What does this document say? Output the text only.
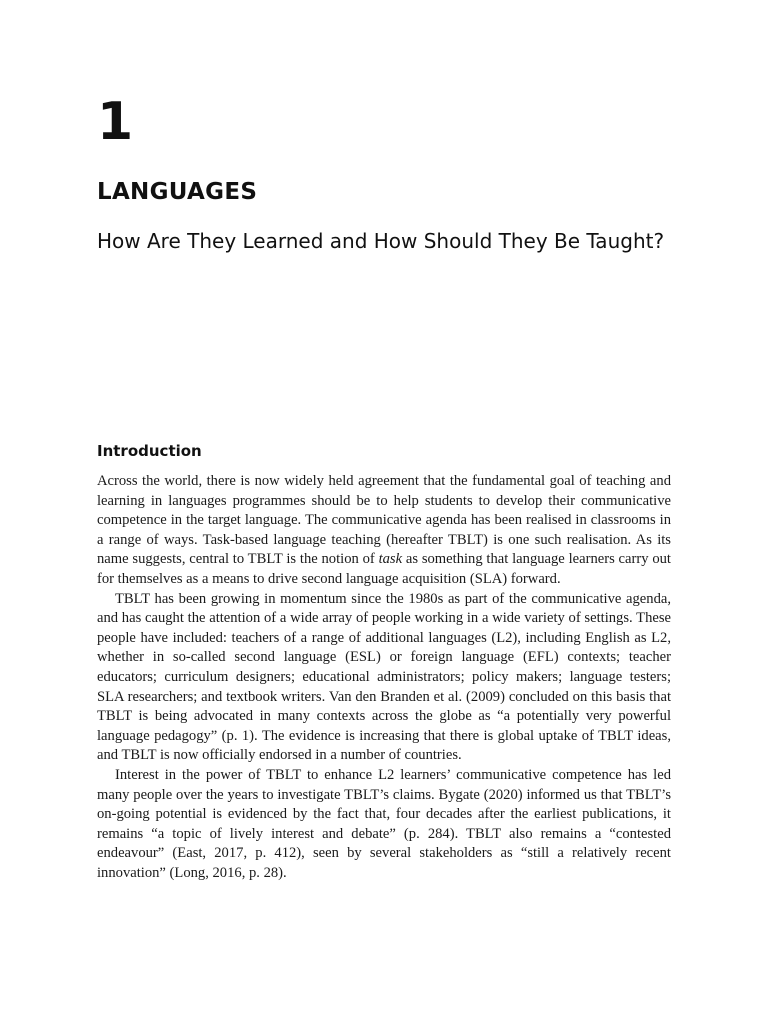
1
LANGUAGES
How Are They Learned and How Should They Be Taught?
Introduction

Across the world, there is now widely held agreement that the fundamental goal of teaching and learning in languages programmes should be to help students to develop their communicative competence in the target language. The communicative agenda has been realised in classrooms in a range of ways. Task-based language teaching (hereafter TBLT) is one such realisation. As its name suggests, central to TBLT is the notion of task as something that language learners carry out for themselves as a means to drive second language acquisition (SLA) forward.

TBLT has been growing in momentum since the 1980s as part of the communicative agenda, and has caught the attention of a wide array of people working in a wide variety of settings. These people have included: teachers of a range of additional languages (L2), including English as L2, whether in so-called second language (ESL) or foreign language (EFL) contexts; teacher educators; curriculum designers; educational administrators; policy makers; language testers; SLA researchers; and textbook writers. Van den Branden et al. (2009) concluded on this basis that TBLT is being advocated in many contexts across the globe as “a potentially very powerful language pedagogy” (p. 1). The evidence is increasing that there is global uptake of TBLT ideas, and TBLT is now officially endorsed in a number of countries.

Interest in the power of TBLT to enhance L2 learners’ communicative competence has led many people over the years to investigate TBLT’s claims. Bygate (2020) informed us that TBLT’s on-going potential is evidenced by the fact that, four decades after the earliest publications, it remains “a topic of lively interest and debate” (p. 284). TBLT also remains a “contested endeavour” (East, 2017, p. 412), seen by several stakeholders as “still a relatively recent innovation” (Long, 2016, p. 28).
